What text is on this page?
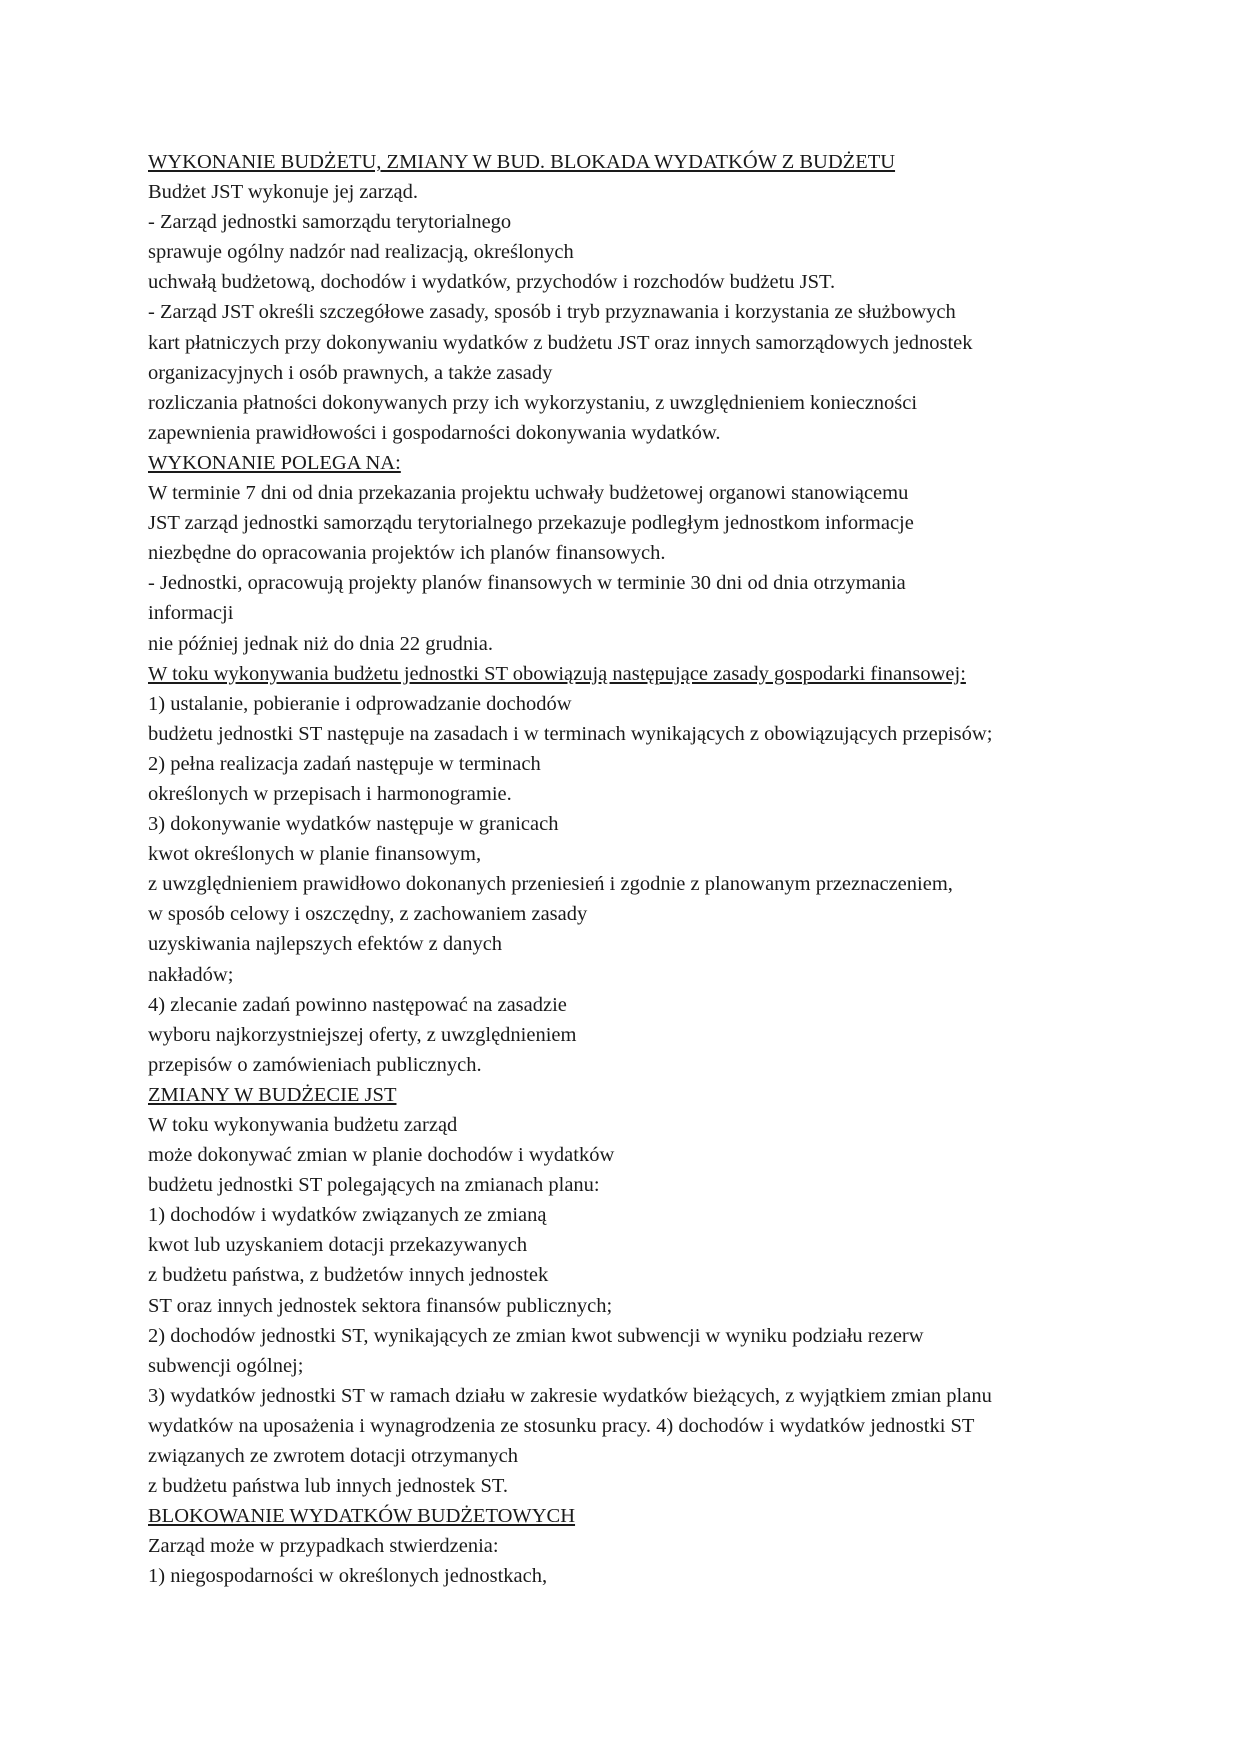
WYKONANIE BUDŻETU, ZMIANY W BUD. BLOKADA WYDATKÓW Z BUDŻETU

Budżet JST wykonuje jej zarząd.

- Zarząd jednostki samorządu terytorialnego

sprawuje ogólny nadzór nad realizacją, określonych

uchwałą budżetową, dochodów i wydatków, przychodów i rozchodów budżetu JST.

- Zarząd JST określi szczegółowe zasady, sposób i tryb przyznawania i korzystania ze służbowych

kart płatniczych przy dokonywaniu wydatków z budżetu JST oraz innych samorządowych jednostek

organizacyjnych i osób prawnych, a także zasady

rozliczania płatności dokonywanych przy ich wykorzystaniu, z uwzględnieniem konieczności

zapewnienia prawidłowości i gospodarności dokonywania wydatków.

WYKONANIE POLEGA NA:

W terminie 7 dni od dnia przekazania projektu uchwały budżetowej organowi stanowiącemu

JST zarząd jednostki samorządu terytorialnego przekazuje podległym jednostkom informacje

niezbędne do opracowania projektów ich planów finansowych.

- Jednostki, opracowują projekty planów finansowych w terminie 30 dni od dnia otrzymania

informacji

nie później jednak niż do dnia 22 grudnia.

W toku wykonywania budżetu jednostki ST obowiązują następujące zasady gospodarki finansowej:

1) ustalanie, pobieranie i odprowadzanie dochodów

budżetu jednostki ST następuje na zasadach i w terminach wynikających z obowiązujących przepisów;

2) pełna realizacja zadań następuje w terminach

określonych w przepisach i harmonogramie.

3) dokonywanie wydatków następuje w granicach

kwot określonych w planie finansowym,

z uwzględnieniem prawidłowo dokonanych przeniesień i zgodnie z planowanym przeznaczeniem,

w sposób celowy i oszczędny, z zachowaniem zasady

uzyskiwania najlepszych efektów z danych

nakładów;

4) zlecanie zadań powinno następować na zasadzie

wyboru najkorzystniejszej oferty, z uwzględnieniem

przepisów o zamówieniach publicznych.

ZMIANY W BUDŻECIE JST

W toku wykonywania budżetu zarząd

może dokonywać zmian w planie dochodów i wydatków

budżetu jednostki ST polegających na zmianach planu:

1) dochodów i wydatków związanych ze zmianą

kwot lub uzyskaniem dotacji przekazywanych

z budżetu państwa, z budżetów innych jednostek

ST oraz innych jednostek sektora finansów publicznych;

2) dochodów jednostki ST, wynikających ze zmian kwot subwencji w wyniku podziału rezerw

subwencji ogólnej;

3) wydatków jednostki ST w ramach działu w zakresie wydatków bieżących, z wyjątkiem zmian planu

wydatków na uposażenia i wynagrodzenia ze stosunku pracy. 4) dochodów i wydatków jednostki ST

związanych ze zwrotem dotacji otrzymanych

z budżetu państwa lub innych jednostek ST.

BLOKOWANIE WYDATKÓW BUDŻETOWYCH

Zarząd może w przypadkach stwierdzenia:

1) niegospodarności w określonych jednostkach,
